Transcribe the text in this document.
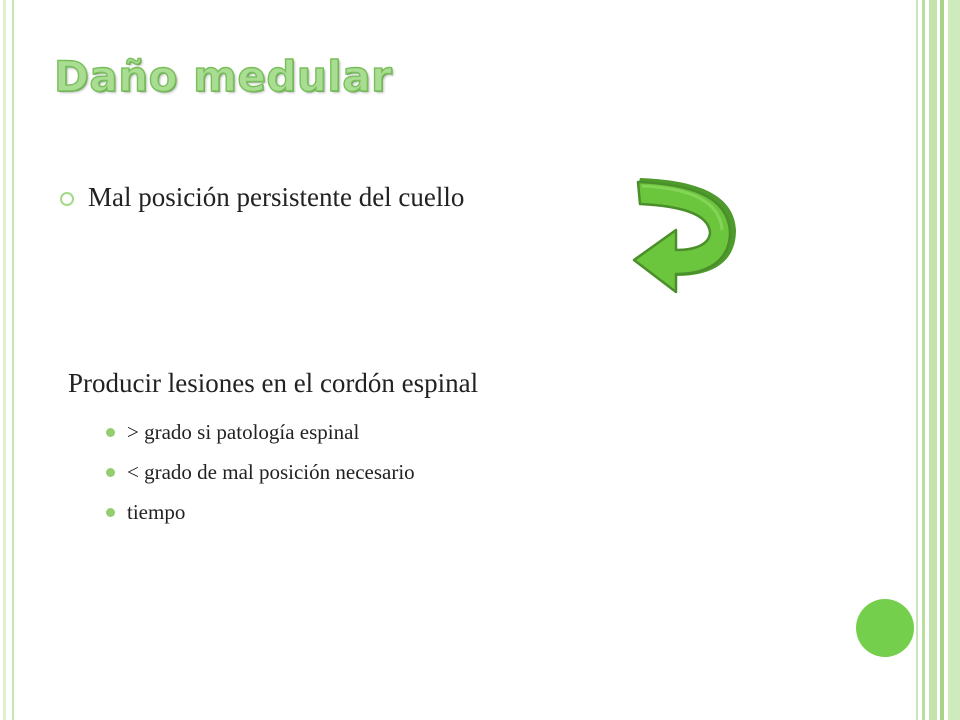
Daño medular
Mal posición persistente del cuello
Producir lesiones en el cordón espinal
> grado si patología espinal
< grado de mal posición necesario
tiempo
